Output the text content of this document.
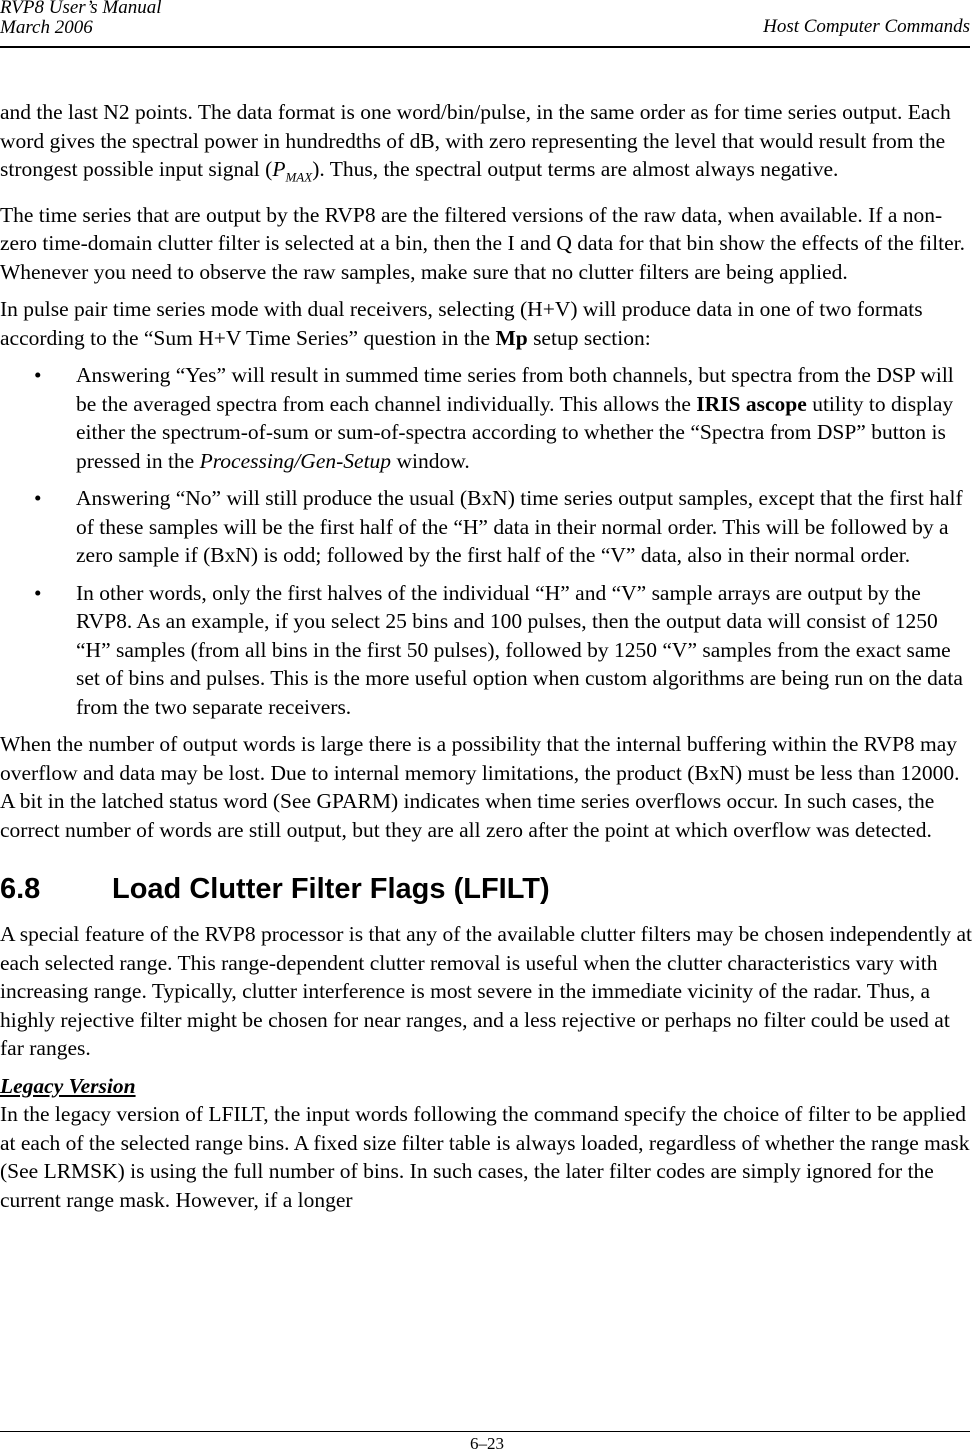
RVP8 User’s Manual
March 2006	Host Computer Commands

and the last N2 points. The data format is one word/bin/pulse, in the same order as for time series output. Each word gives the spectral power in hundredths of dB, with zero representing the level that would result from the strongest possible input signal $(P_{MAX})$. Thus, the spectral output terms are almost always negative.

The time series that are output by the RVP8 are the filtered versions of the raw data, when available. If a non-zero time-domain clutter filter is selected at a bin, then the I and Q data for that bin show the effects of the filter. Whenever you need to observe the raw samples, make sure that no clutter filters are being applied.

In pulse pair time series mode with dual receivers, selecting (H+V) will produce data in one of two formats according to the “Sum H+V Time Series” question in the Mp setup section:

• Answering “Yes” will result in summed time series from both channels, but spectra from the DSP will be the averaged spectra from each channel individually. This allows the IRIS ascope utility to display either the spectrum-of-sum or sum-of-spectra according to whether the “Spectra from DSP” button is pressed in the Processing/Gen-Setup window.
• Answering “No” will still produce the usual (BxN) time series output samples, except that the first half of these samples will be the first half of the “H” data in their normal order. This will be followed by a zero sample if (BxN) is odd; followed by the first half of the “V” data, also in their normal order.
• In other words, only the first halves of the individual “H” and “V” sample arrays are output by the RVP8. As an example, if you select 25 bins and 100 pulses, then the output data will consist of 1250 “H” samples (from all bins in the first 50 pulses), followed by 1250 “V” samples from the exact same set of bins and pulses. This is the more useful option when custom algorithms are being run on the data from the two separate receivers.

When the number of output words is large there is a possibility that the internal buffering within the RVP8 may overflow and data may be lost. Due to internal memory limitations, the product (BxN) must be less than 12000. A bit in the latched status word (See GPARM) indicates when time series overflows occur. In such cases, the correct number of words are still output, but they are all zero after the point at which overflow was detected.

6.8 Load Clutter Filter Flags (LFILT)

A special feature of the RVP8 processor is that any of the available clutter filters may be chosen independently at each selected range. This range-dependent clutter removal is useful when the clutter characteristics vary with increasing range. Typically, clutter interference is most severe in the immediate vicinity of the radar. Thus, a highly rejective filter might be chosen for near ranges, and a less rejective or perhaps no filter could be used at far ranges.

Legacy Version
In the legacy version of LFILT, the input words following the command specify the choice of filter to be applied at each of the selected range bins. A fixed size filter table is always loaded, regardless of whether the range mask (See LRMSK) is using the full number of bins. In such cases, the later filter codes are simply ignored for the current range mask. However, if a longer

6–23
